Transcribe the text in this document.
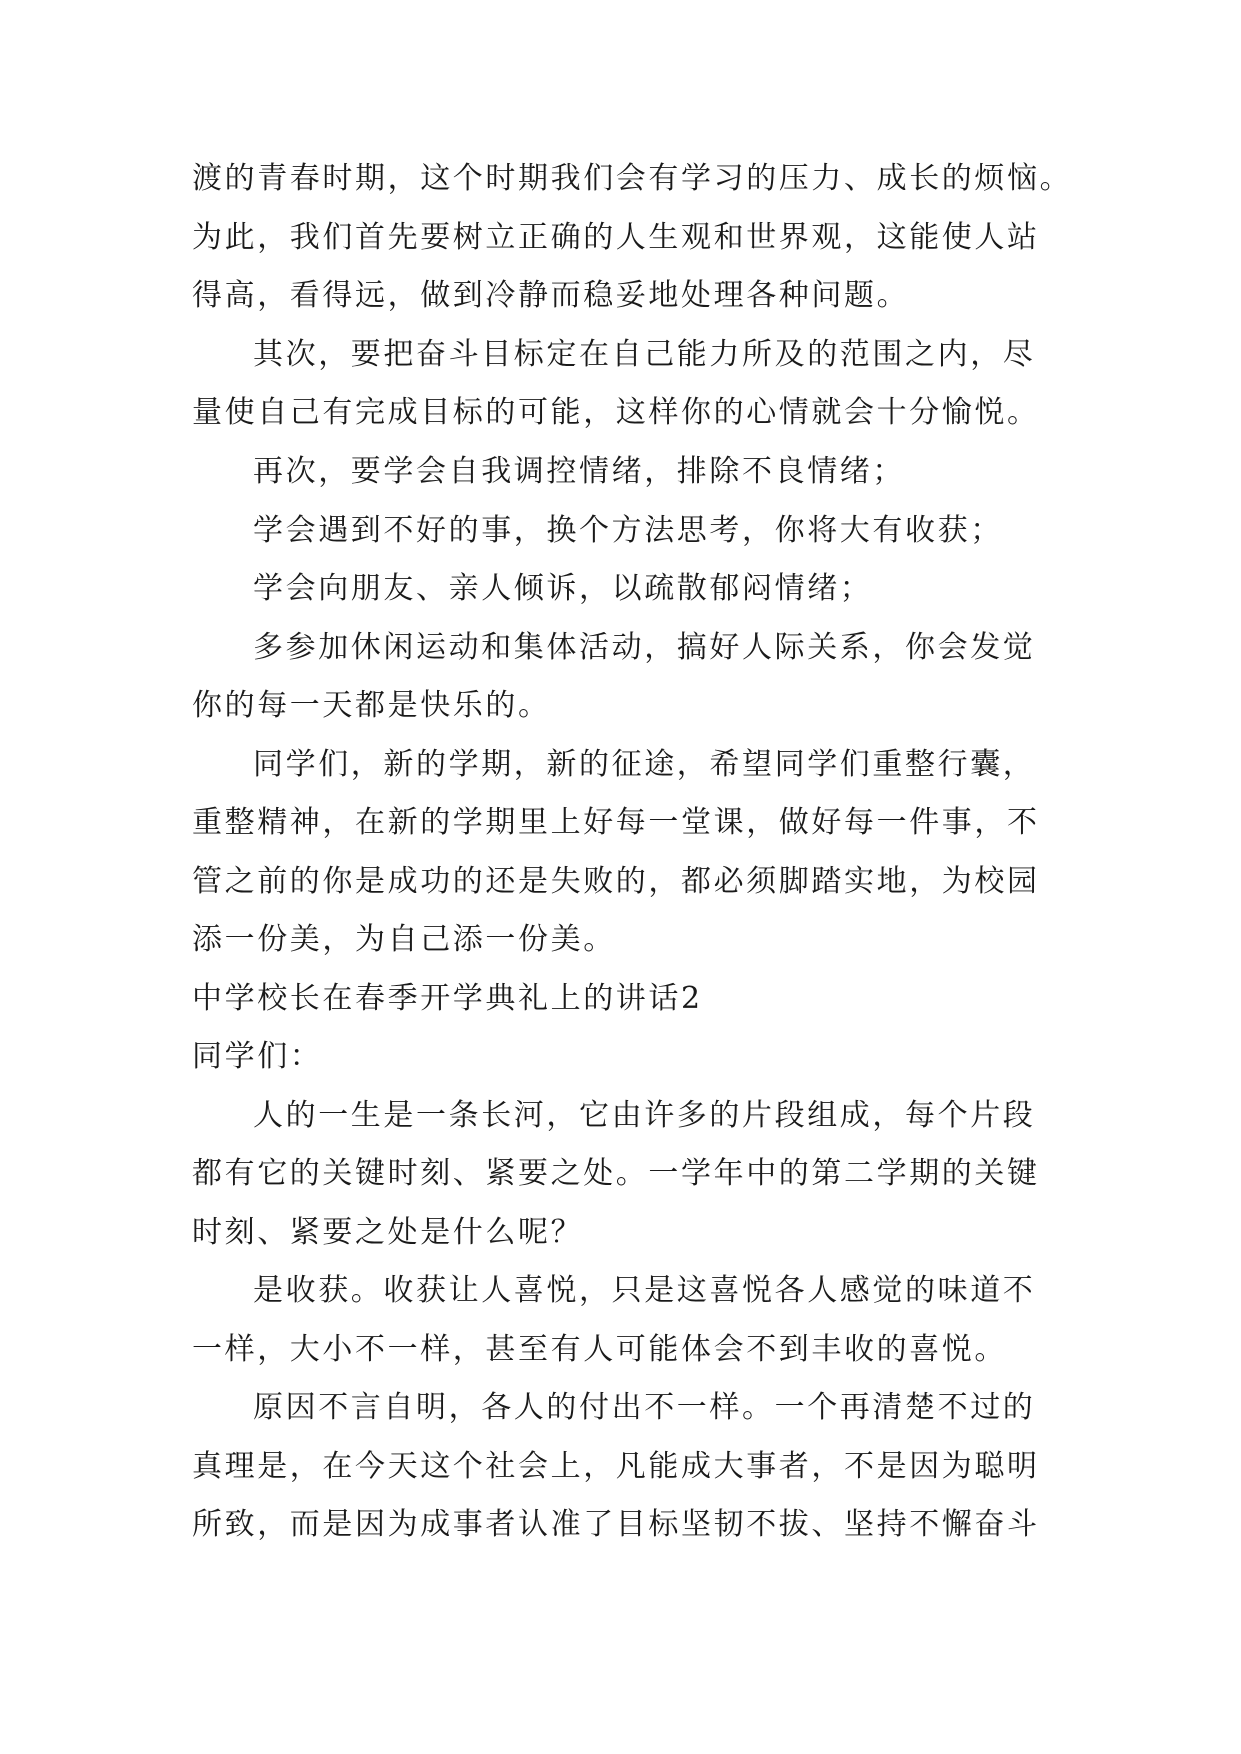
渡的青春时期，这个时期我们会有学习的压力、成长的烦恼。
为此，我们首先要树立正确的人生观和世界观，这能使人站
得高，看得远，做到冷静而稳妥地处理各种问题。
其次，要把奋斗目标定在自己能力所及的范围之内，尽
量使自己有完成目标的可能，这样你的心情就会十分愉悦。
再次，要学会自我调控情绪，排除不良情绪；
学会遇到不好的事，换个方法思考，你将大有收获；
学会向朋友、亲人倾诉，以疏散郁闷情绪；
多参加休闲运动和集体活动，搞好人际关系，你会发觉
你的每一天都是快乐的。
同学们，新的学期，新的征途，希望同学们重整行囊，
重整精神，在新的学期里上好每一堂课，做好每一件事，不
管之前的你是成功的还是失败的，都必须脚踏实地，为校园
添一份美，为自己添一份美。
中学校长在春季开学典礼上的讲话2
同学们：
人的一生是一条长河，它由许多的片段组成，每个片段
都有它的关键时刻、紧要之处。一学年中的第二学期的关键
时刻、紧要之处是什么呢？
是收获。收获让人喜悦，只是这喜悦各人感觉的味道不
一样，大小不一样，甚至有人可能体会不到丰收的喜悦。
原因不言自明，各人的付出不一样。一个再清楚不过的
真理是，在今天这个社会上，凡能成大事者，不是因为聪明
所致，而是因为成事者认准了目标坚韧不拔、坚持不懈奋斗
